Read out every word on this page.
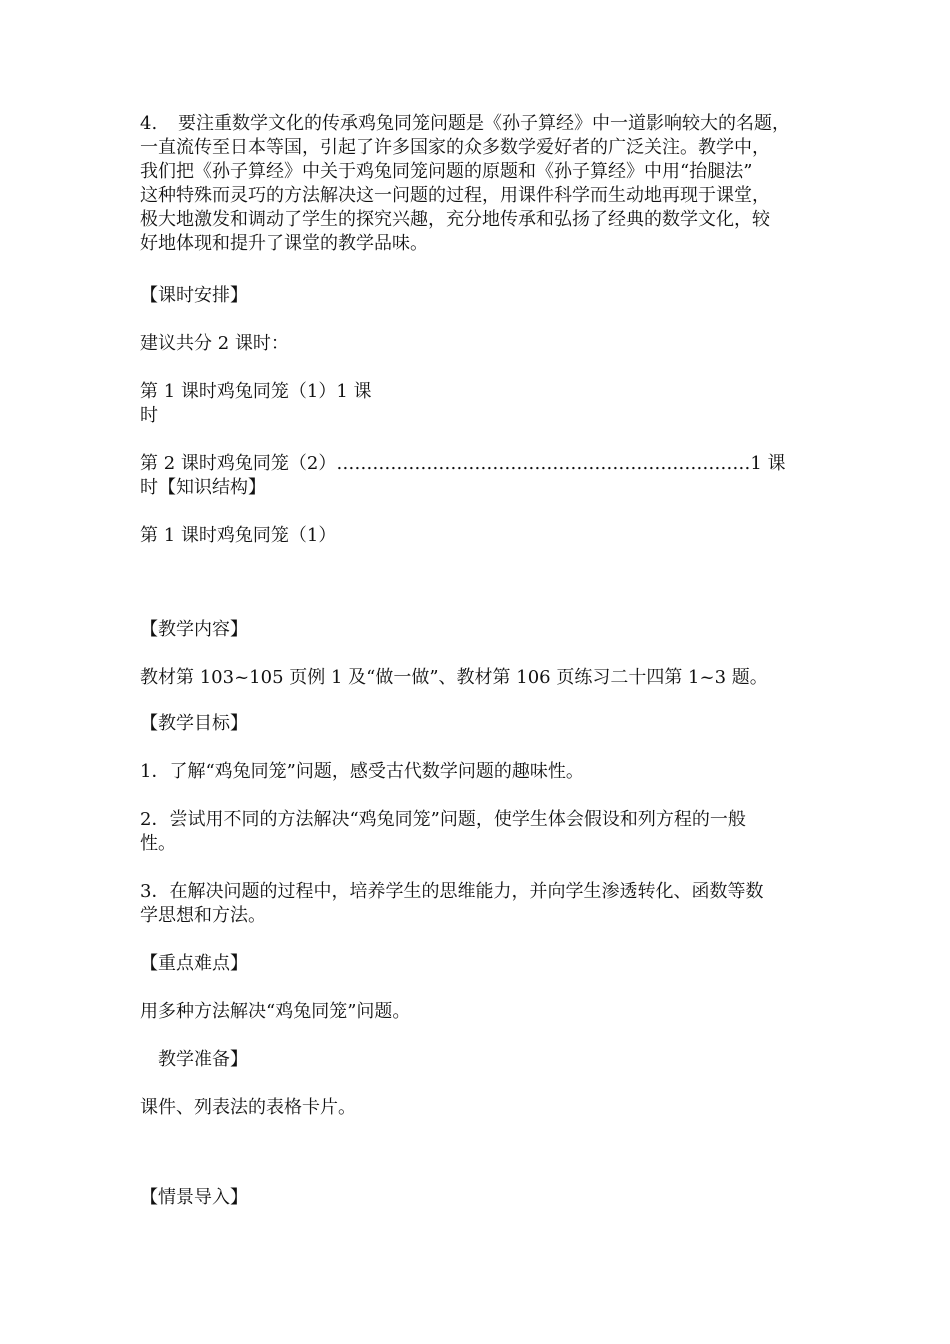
4. 要注重数学文化的传承鸡兔同笼问题是《孙子算经》中一道影响较大的名题，
一直流传至日本等国，引起了许多国家的众多数学爱好者的广泛关注。教学中，
我们把《孙子算经》中关于鸡兔同笼问题的原题和《孙子算经》中用“抬腿法”
这种特殊而灵巧的方法解决这一问题的过程，用课件科学而生动地再现于课堂，
极大地激发和调动了学生的探究兴趣，充分地传承和弘扬了经典的数学文化，较
好地体现和提升了课堂的教学品味。
【课时安排】
建议共分 2 课时：
第 1 课时鸡兔同笼（1）1 课
时
第 2 课时鸡兔同笼（2）……………………………………………………………1 课
时【知识结构】
第 1 课时鸡兔同笼（1）
【教学内容】
教材第 103~105 页例 1 及“做一做”、教材第 106 页练习二十四第 1~3 题。
【教学目标】
1．了解“鸡兔同笼”问题，感受古代数学问题的趣味性。
2．尝试用不同的方法解决“鸡兔同笼”问题，使学生体会假设和列方程的一般
性。
3．在解决问题的过程中，培养学生的思维能力，并向学生渗透转化、函数等数
学思想和方法。
【重点难点】
用多种方法解决“鸡兔同笼”问题。
教学准备】
课件、列表法的表格卡片。
【情景导入】
